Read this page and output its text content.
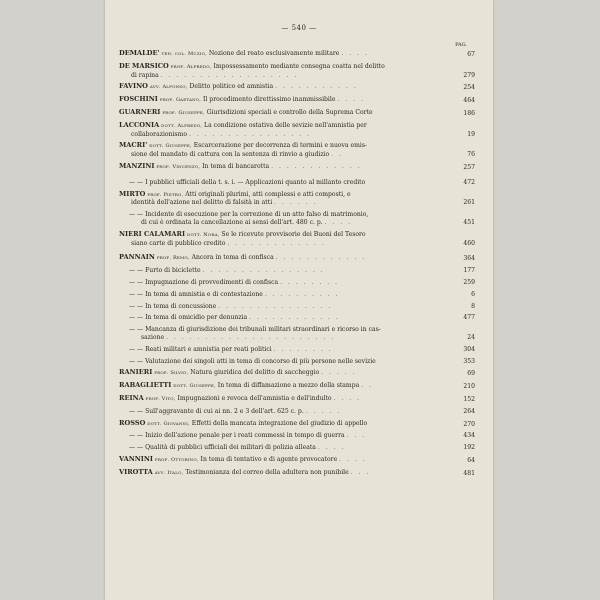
— 540 —
PAG.
DEMALDE' ten. col. Muzio, Nozione del reato esclusivamente militare . . . .	67
DE MARSICO prof. Alfredo, Impossessamento mediante consegna coatta nel delitto
di rapina . . . . . . . . . . . . . . . . . .	279
FAVINO avv. Alfonso, Delitto politico ed amnistia . . . . . . . . . . .	254
FOSCHINI prof. Gaetano, Il procedimento direttissimo inammissibile . . . .	464
GUARNERI prof. Giuseppe, Giurisdizioni speciali e controllo della Suprema Corte	186
LACCONIA dott. Alfredo, La condizione ostativa delle sevizie nell'amnistia per
collaborazionismo . . . . . . . . . . . . . . . .	19
MACRI' dott. Giuseppe, Escarcerazione per decorrenza di termini e nuova emis-
sione del mandato di cattura con la sentenza di rinvio a giudizio . .	76
MANZINI prof. Vincenzo, In tema di bancarotta . . . . . . . . . . . .	257
— — I pubblici ufficiali della t. s. i. — Applicazioni quanto al millanto credito	472
MIRTO prof. Pietro, Atti originali plurimi, atti complessi e atti composti, e
identità dell'azione nel delitto di falsità in atti . . . . . .	261
— — Incidente di esecuzione per la correzione di un atto falso di matrimonio,
di cui è ordinata la cancellazione ai sensi dell'art. 480 c. p. . . . .	451
NIERI CALAMARI dott. Nora, Se le ricevute provvisorie dei Buoni del Tesoro
siano carte di pubblico credito . . . . . . . . . . . . .	460
PANNAIN prof. Remo, Ancora in tema di confisca . . . . . . . . . . . .	364
— — Furto di biciclette . . . . . . . . . . . . . . . .	177
— — Impugnazione di provvedimenti di confisca . . . . . . . .	259
— — In tema di amnistia e di contestazione . . . . . . . . . .	6
— — In tema di concussione . . . . . . . . . . . . . . .	8
— — In tema di omicidio per denunzia . . . . . . . . . . . .	477
— — Mancanza di giurisdizione dei tribunali militari straordinari e ricorso in cas-
sazione . . . . . . . . . . . . . . . . . . . . . .	24
— — Reati militari e amnistia per reati politici . . . . . . . .	304
— — Valutazione dei singoli atti in tema di concorso di più persone nelle sevizie	353
RANIERI prof. Silvio, Natura giuridica del delitto di saccheggio . . . . .	69
RABAGLIETTI dott. Giuseppe, In tema di diffamazione a mezzo della stampa . .	210
REINA prof. Vito, Impugnazioni e revoca dell'amnistia e dell'indulto . . . .	152
— — Sull'aggravante di cui ai nn. 2 e 3 dell'art. 625 c. p. . . . . .	264
ROSSO dott. Giovanni, Effetti della mancata integrazione del giudizio di appello	270
— — Inizio dell'azione penale per i reati commessi in tempo di guerra . . .	434
— — Qualità di pubblici ufficiali dei militari di polizia alleata . . . .	192
VANNINI prof. Ottorino, In tema di tentativo e di agente provocatore . . . .	64
VIROTTA avv. Italo, Testimonianza del correo della adultera non punibile . . .	481
